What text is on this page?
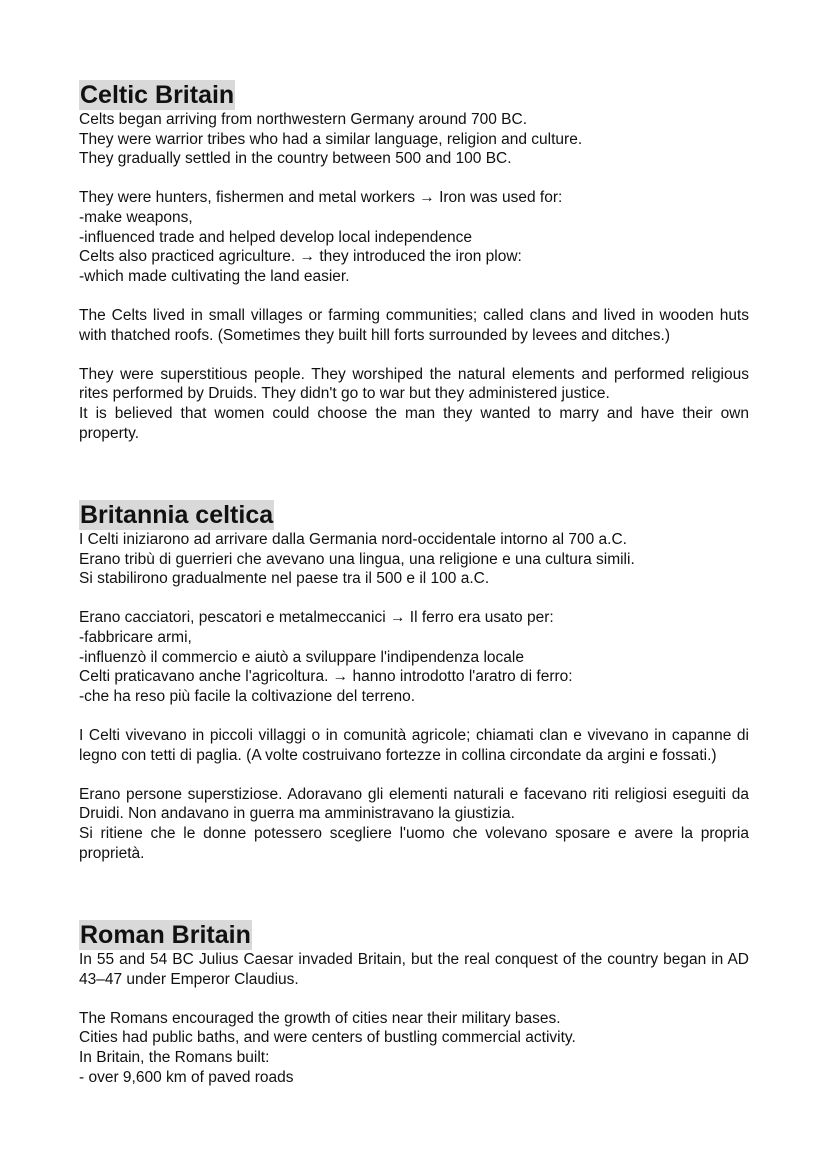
Celtic Britain

Celts began arriving from northwestern Germany around 700 BC.

They were warrior tribes who had a similar language, religion and culture.

They gradually settled in the country between 500 and 100 BC.

They were hunters, fishermen and metal workers → Iron was used for:

-make weapons,

-influenced trade and helped develop local independence

Celts also practiced agriculture. → they introduced the iron plow:

-which made cultivating the land easier.

The Celts lived in small villages or farming communities; called clans and lived in wooden huts with thatched roofs. (Sometimes they built hill forts surrounded by levees and ditches.)

They were superstitious people. They worshiped the natural elements and performed religious rites performed by Druids. They didn't go to war but they administered justice.

It is believed that women could choose the man they wanted to marry and have their own property.

Britannia celtica

I Celti iniziarono ad arrivare dalla Germania nord-occidentale intorno al 700 a.C.

Erano tribù di guerrieri che avevano una lingua, una religione e una cultura simili.

Si stabilirono gradualmente nel paese tra il 500 e il 100 a.C.

Erano cacciatori, pescatori e metalmeccanici → Il ferro era usato per:

-fabbricare armi,

-influenzò il commercio e aiutò a sviluppare l'indipendenza locale

Celti praticavano anche l'agricoltura. → hanno introdotto l'aratro di ferro:

-che ha reso più facile la coltivazione del terreno.

I Celti vivevano in piccoli villaggi o in comunità agricole; chiamati clan e vivevano in capanne di legno con tetti di paglia. (A volte costruivano fortezze in collina circondate da argini e fossati.)

Erano persone superstiziose. Adoravano gli elementi naturali e facevano riti religiosi eseguiti da Druidi. Non andavano in guerra ma amministravano la giustizia.

Si ritiene che le donne potessero scegliere l'uomo che volevano sposare e avere la propria proprietà.

Roman Britain

In 55 and 54 BC Julius Caesar invaded Britain, but the real conquest of the country began in AD 43–47 under Emperor Claudius.

The Romans encouraged the growth of cities near their military bases.

Cities had public baths, and were centers of bustling commercial activity.

In Britain, the Romans built:

- over 9,600 km of paved roads
